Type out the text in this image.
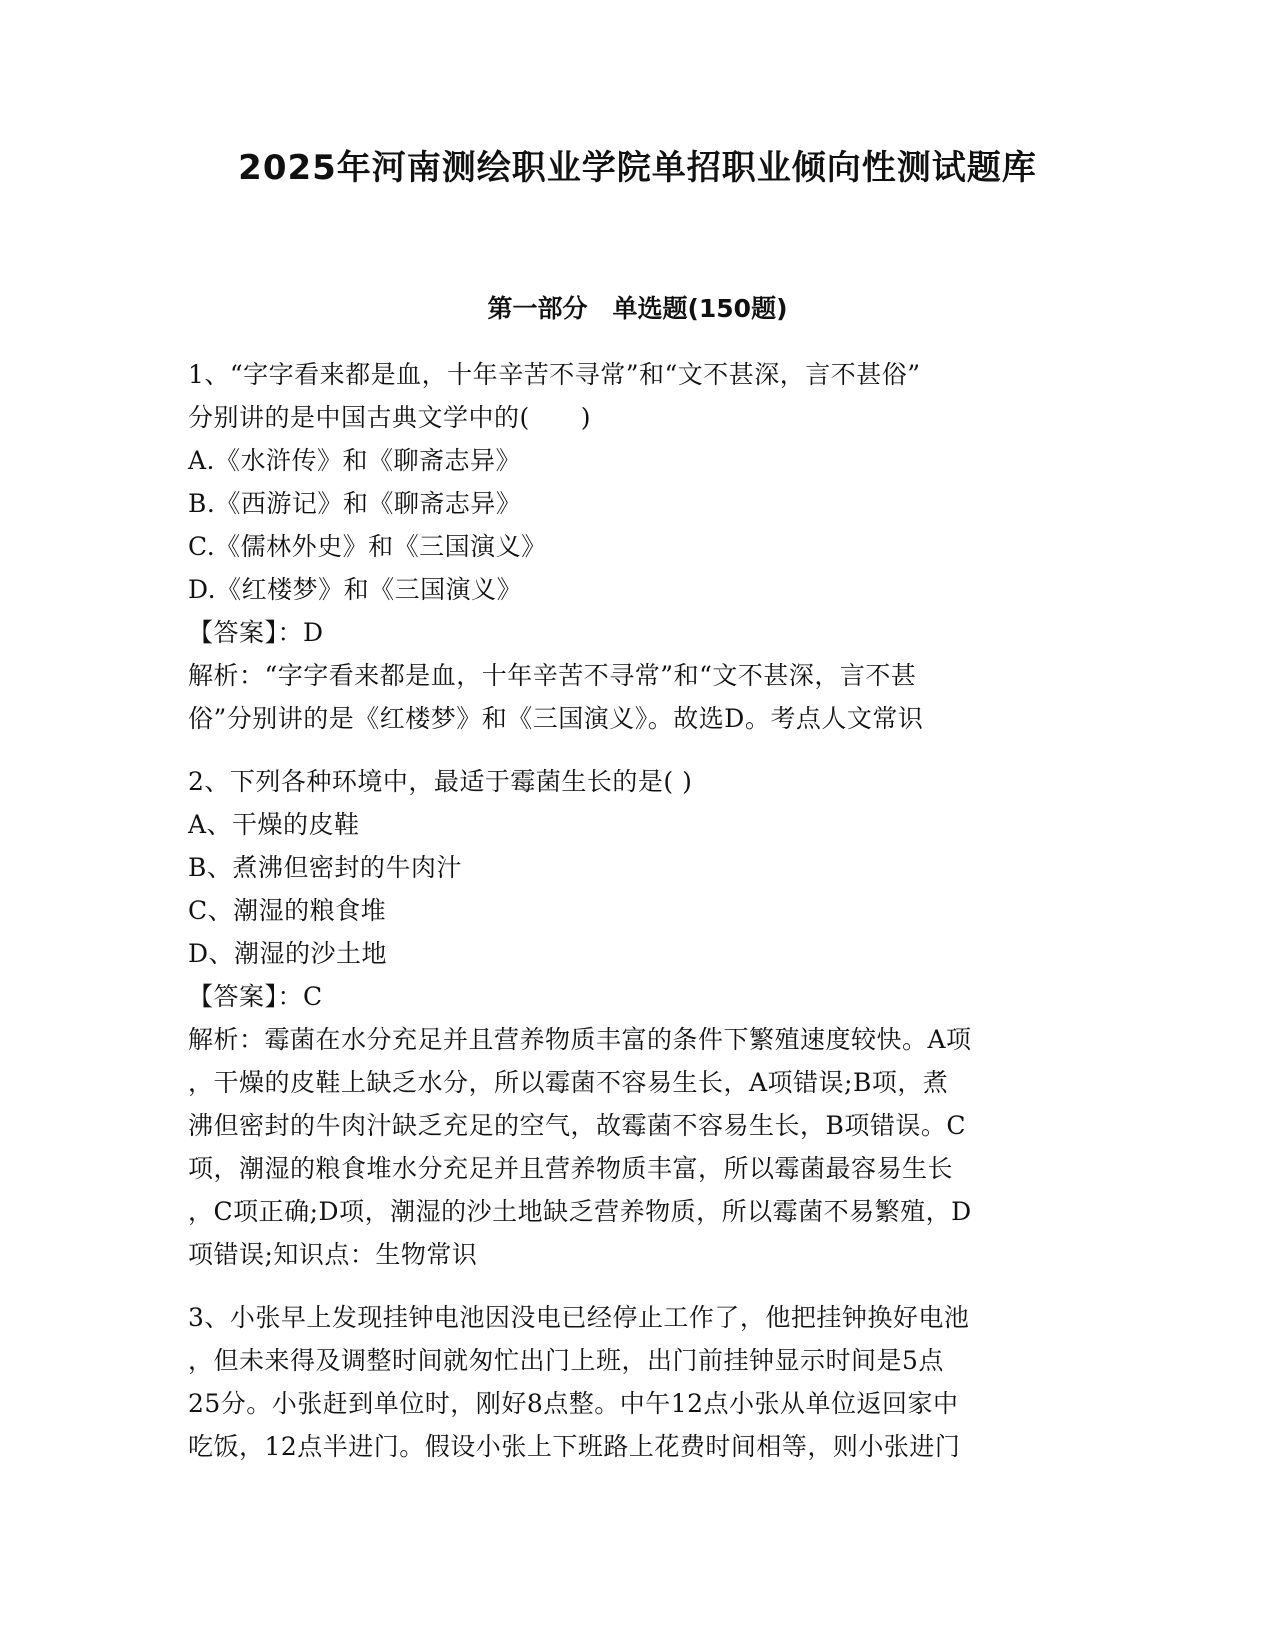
2025年河南测绘职业学院单招职业倾向性测试题库
第一部分　单选题(150题)
1、“字字看来都是血，十年辛苦不寻常”和“文不甚深，言不甚俗”
分别讲的是中国古典文学中的(　　)
A.《水浒传》和《聊斋志异》
B.《西游记》和《聊斋志异》
C.《儒林外史》和《三国演义》
D.《红楼梦》和《三国演义》
【答案】：D
解析：“字字看来都是血，十年辛苦不寻常”和“文不甚深，言不甚
俗”分别讲的是《红楼梦》和《三国演义》。故选D。考点人文常识
2、下列各种环境中，最适于霉菌生长的是( )
A、干燥的皮鞋
B、煮沸但密封的牛肉汁
C、潮湿的粮食堆
D、潮湿的沙土地
【答案】：C
解析：霉菌在水分充足并且营养物质丰富的条件下繁殖速度较快。A项
，干燥的皮鞋上缺乏水分，所以霉菌不容易生长，A项错误;B项，煮
沸但密封的牛肉汁缺乏充足的空气，故霉菌不容易生长，B项错误。C
项，潮湿的粮食堆水分充足并且营养物质丰富，所以霉菌最容易生长
，C项正确;D项，潮湿的沙土地缺乏营养物质，所以霉菌不易繁殖，D
项错误;知识点：生物常识
3、小张早上发现挂钟电池因没电已经停止工作了，他把挂钟换好电池
，但未来得及调整时间就匆忙出门上班，出门前挂钟显示时间是5点
25分。小张赶到单位时，刚好8点整。中午12点小张从单位返回家中
吃饭，12点半进门。假设小张上下班路上花费时间相等，则小张进门
